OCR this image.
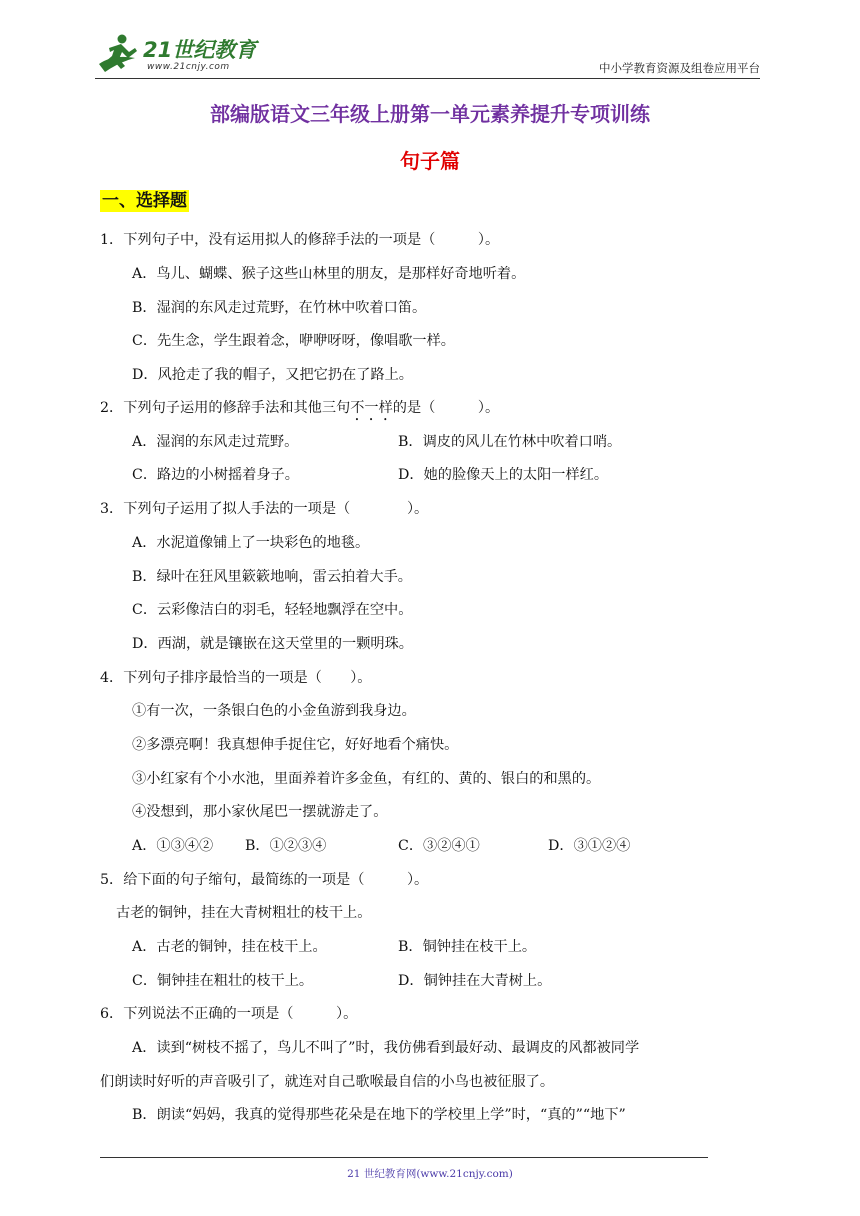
21世纪教育
www.21cnjy.com	中小学教育资源及组卷应用平台
部编版语文三年级上册第一单元素养提升专项训练
句子篇
一、选择题
1．下列句子中，没有运用拟人的修辞手法的一项是（　　　）。
A．鸟儿、蝴蝶、猴子这些山林里的朋友，是那样好奇地听着。
B．湿润的东风走过荒野，在竹林中吹着口笛。
C．先生念，学生跟着念，咿咿呀呀，像唱歌一样。
D．风抢走了我的帽子，又把它扔在了路上。
2．下列句子运用的修辞手法和其他三句不一样的是（　　　）。
A．湿润的东风走过荒野。	B．调皮的风儿在竹林中吹着口哨。
C．路边的小树摇着身子。	D．她的脸像天上的太阳一样红。
3．下列句子运用了拟人手法的一项是（　　　　）。
A．水泥道像铺上了一块彩色的地毯。
B．绿叶在狂风里簌簌地响，雷云拍着大手。
C．云彩像洁白的羽毛，轻轻地飘浮在空中。
D．西湖，就是镶嵌在这天堂里的一颗明珠。
4．下列句子排序最恰当的一项是（　　）。
①有一次，一条银白色的小金鱼游到我身边。
②多漂亮啊！我真想伸手捉住它，好好地看个痛快。
③小红家有个小水池，里面养着许多金鱼，有红的、黄的、银白的和黑的。
④没想到，那小家伙尾巴一摆就游走了。
A．①③④② B．①②③④	C．③②④①	D．③①②④
5．给下面的句子缩句，最简练的一项是（　　　）。
古老的铜钟，挂在大青树粗壮的枝干上。
A．古老的铜钟，挂在枝干上。	B．铜钟挂在枝干上。
C．铜钟挂在粗壮的枝干上。	D．铜钟挂在大青树上。
6．下列说法不正确的一项是（　　　）。
A．读到“树枝不摇了，鸟儿不叫了”时，我仿佛看到最好动、最调皮的风都被同学
们朗读时好听的声音吸引了，就连对自己歌喉最自信的小鸟也被征服了。
B．朗读“妈妈，我真的觉得那些花朵是在地下的学校里上学”时，“真的”“地下”
21 世纪教育网(www.21cnjy.com)
